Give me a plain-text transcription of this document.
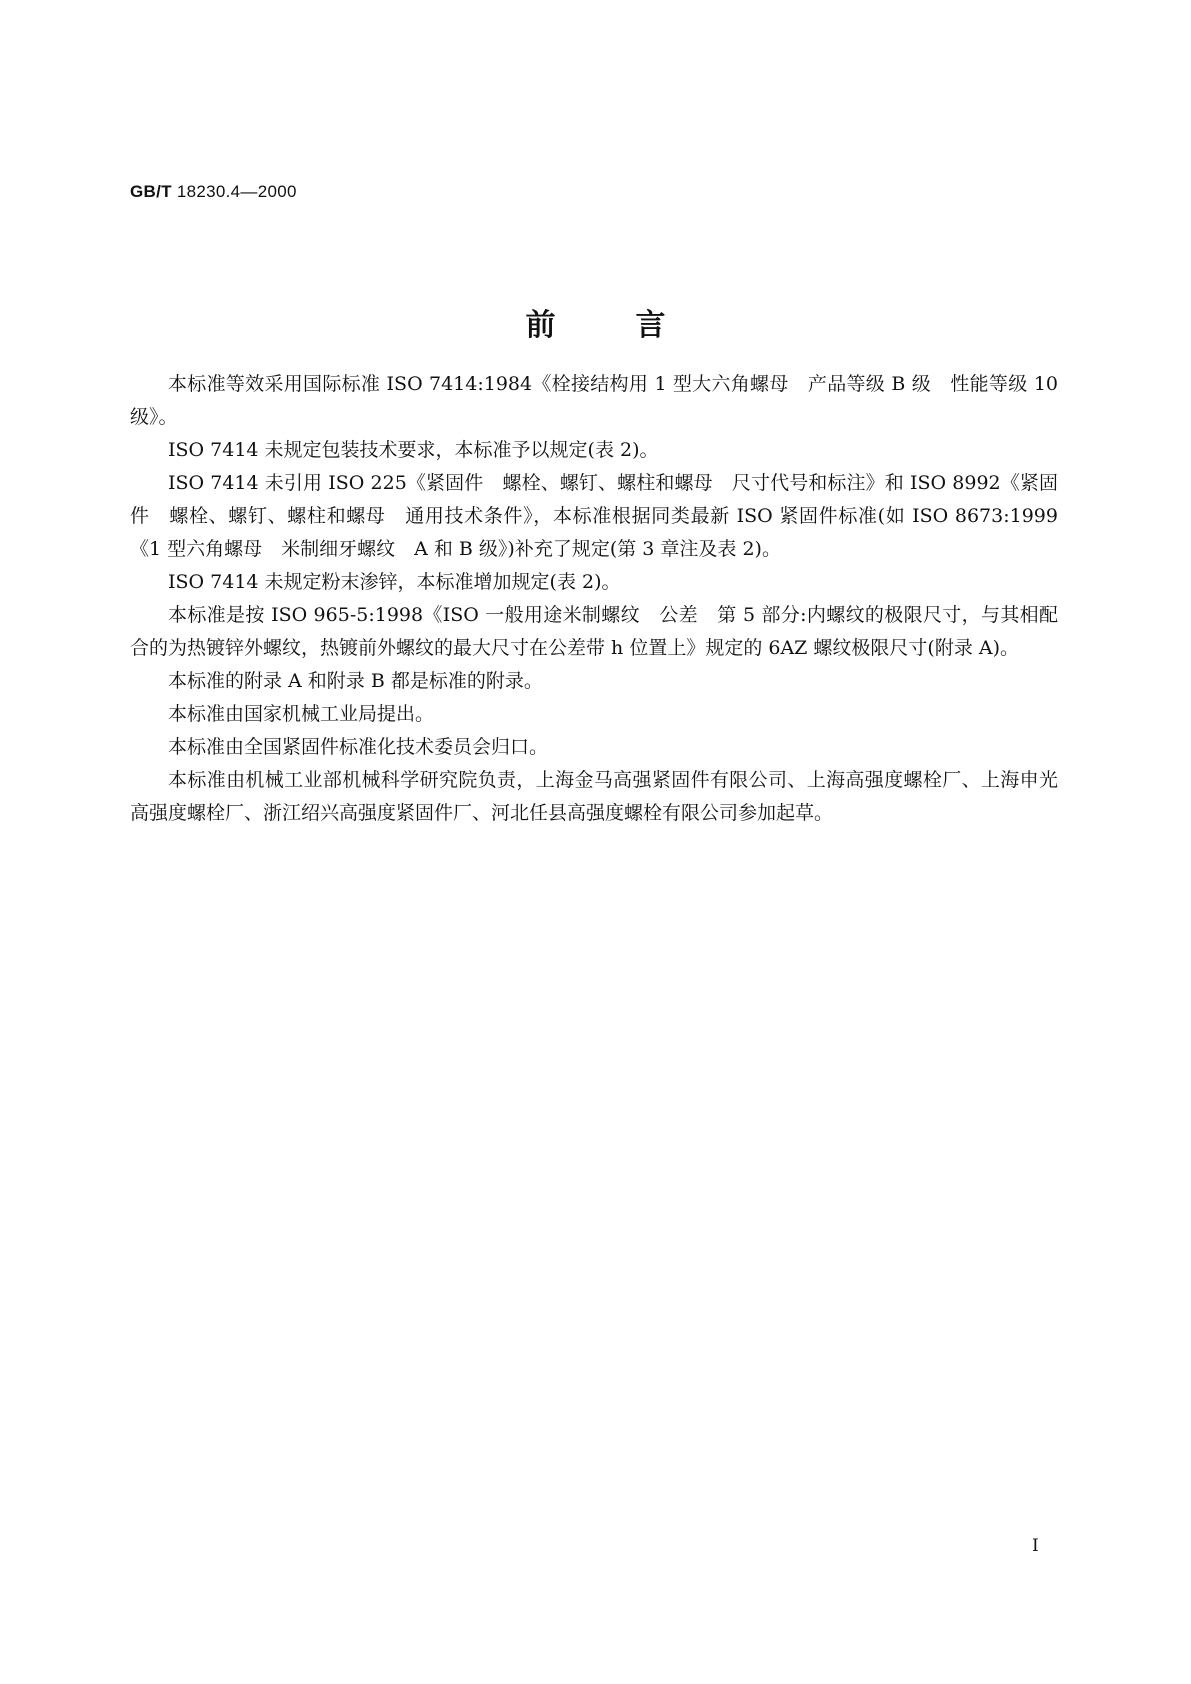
GB/T 18230.4—2000
前言

本标准等效采用国际标准 ISO 7414:1984《栓接结构用 1 型大六角螺母　产品等级 B 级　性能等级 10 级》。

ISO 7414 未规定包装技术要求，本标准予以规定(表 2)。

ISO 7414 未引用 ISO 225《紧固件　螺栓、螺钉、螺柱和螺母　尺寸代号和标注》和 ISO 8992《紧固件　螺栓、螺钉、螺柱和螺母　通用技术条件》，本标准根据同类最新 ISO 紧固件标准(如 ISO 8673:1999《1 型六角螺母　米制细牙螺纹　A 和 B 级》)补充了规定(第 3 章注及表 2)。

ISO 7414 未规定粉末渗锌，本标准增加规定(表 2)。

本标准是按 ISO 965-5:1998《ISO 一般用途米制螺纹　公差　第 5 部分:内螺纹的极限尺寸，与其相配合的为热镀锌外螺纹，热镀前外螺纹的最大尺寸在公差带 h 位置上》规定的 6AZ 螺纹极限尺寸(附录 A)。

本标准的附录 A 和附录 B 都是标准的附录。

本标准由国家机械工业局提出。

本标准由全国紧固件标准化技术委员会归口。

本标准由机械工业部机械科学研究院负责，上海金马高强紧固件有限公司、上海高强度螺栓厂、上海申光高强度螺栓厂、浙江绍兴高强度紧固件厂、河北任县高强度螺栓有限公司参加起草。

I
